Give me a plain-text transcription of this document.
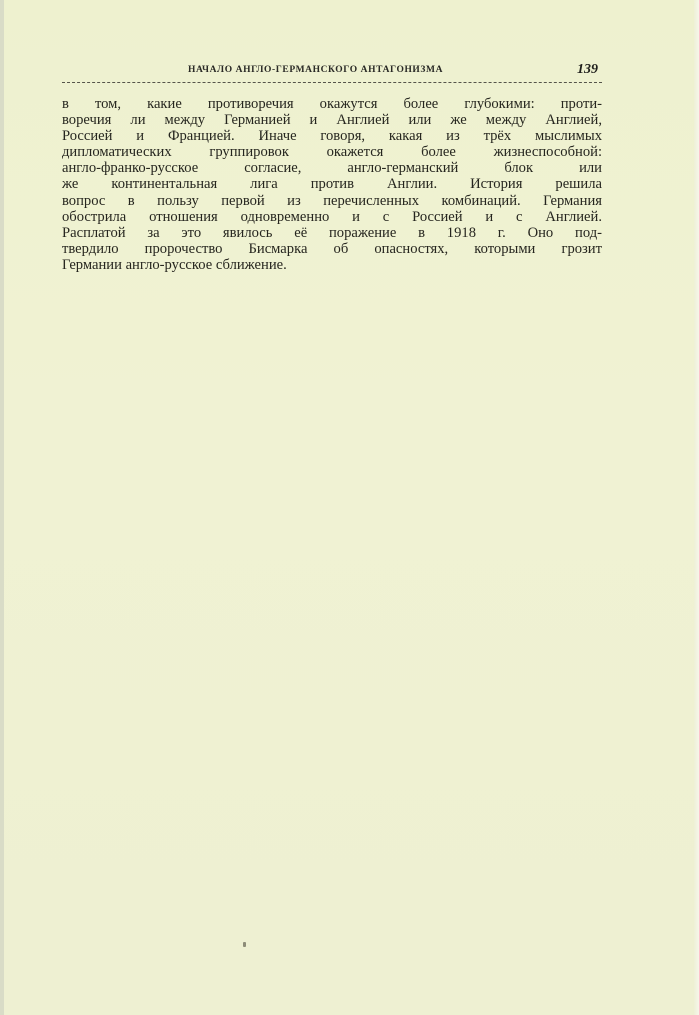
НАЧАЛО АНГЛО-ГЕРМАНСКОГО АНТАГОНИЗМА	139
в том, какие противоречия окажутся более глубокими: проти-
воречия ли между Германией и Англией или же между Англией,
Россией и Францией. Иначе говоря, какая из трёх мыслимых
дипломатических группировок окажется более жизнеспособной:
англо-франко-русское согласие, англо-германский блок или
же континентальная лига против Англии. История решила
вопрос в пользу первой из перечисленных комбинаций. Германия
обострила отношения одновременно и с Россией и с Англией.
Расплатой за это явилось её поражение в 1918 г. Оно под-
твердило пророчество Бисмарка об опасностях, которыми грозит
Германии англо-русское сближение.
